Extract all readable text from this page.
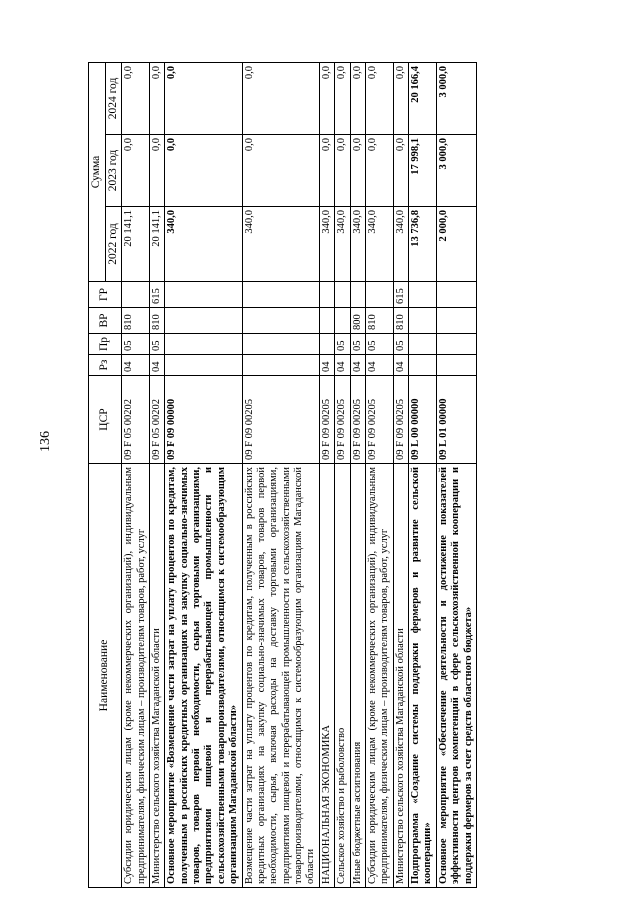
136
Наименование	ЦСР	Рз	Пр	ВР	ГР	Сумма		
						2022 год	2023 год	2024 год
Субсидии юридическим лицам (кроме некоммерческих организаций), индивидуальным предпринимателям, физическим лицам – производителям товаров, работ, услуг	09 F 05 00202	04	05	810		20 141,1	0,0	0,0
Министерство сельского хозяйства Магаданской области	09 F 05 00202	04	05	810	615	20 141,1	0,0	0,0
Основное мероприятие «Возмещение части затрат на уплату процентов по кредитам, полученным в российских кредитных организациях на закупку социально-значимых товаров, товаров первой необходимости, сырья торговыми организациями, предприятиями пищевой и перерабатывающей промышленности и сельскохозяйственными товаропроизводителями, относящимся к системообразующим организациям Магаданской области»	09 F 09 00000					340,0	0,0	0,0
Возмещение части затрат на уплату процентов по кредитам, полученным в российских кредитных организациях на закупку социально-значимых товаров, товаров первой необходимости, сырья, включая расходы на доставку торговыми организациями, предприятиями пищевой и перерабатывающей промышленности и сельскохозяйственными товаропроизводителями, относящимся к системообразующим организациям Магаданской области	09 F 09 00205					340,0	0,0	0,0
НАЦИОНАЛЬНАЯ ЭКОНОМИКА	09 F 09 00205	04				340,0	0,0	0,0
Сельское хозяйство и рыболовство	09 F 09 00205	04	05			340,0	0,0	0,0
Иные бюджетные ассигнования	09 F 09 00205	04	05	800		340,0	0,0	0,0
Субсидии юридическим лицам (кроме некоммерческих организаций), индивидуальным предпринимателям, физическим лицам – производителям товаров, работ, услуг	09 F 09 00205	04	05	810		340,0	0,0	0,0
Министерство сельского хозяйства Магаданской области	09 F 09 00205	04	05	810	615	340,0	0,0	0,0
Подпрограмма «Создание системы поддержки фермеров и развитие сельской кооперации»	09 L 00 00000					13 736,8	17 998,1	20 166,4
Основное мероприятие «Обеспечение деятельности и достижение показателей эффективности центров компетенций в сфере сельскохозяйственной кооперации и поддержки фермеров за счет средств областного бюджета»	09 L 01 00000					2 000,0	3 000,0	3 000,0
